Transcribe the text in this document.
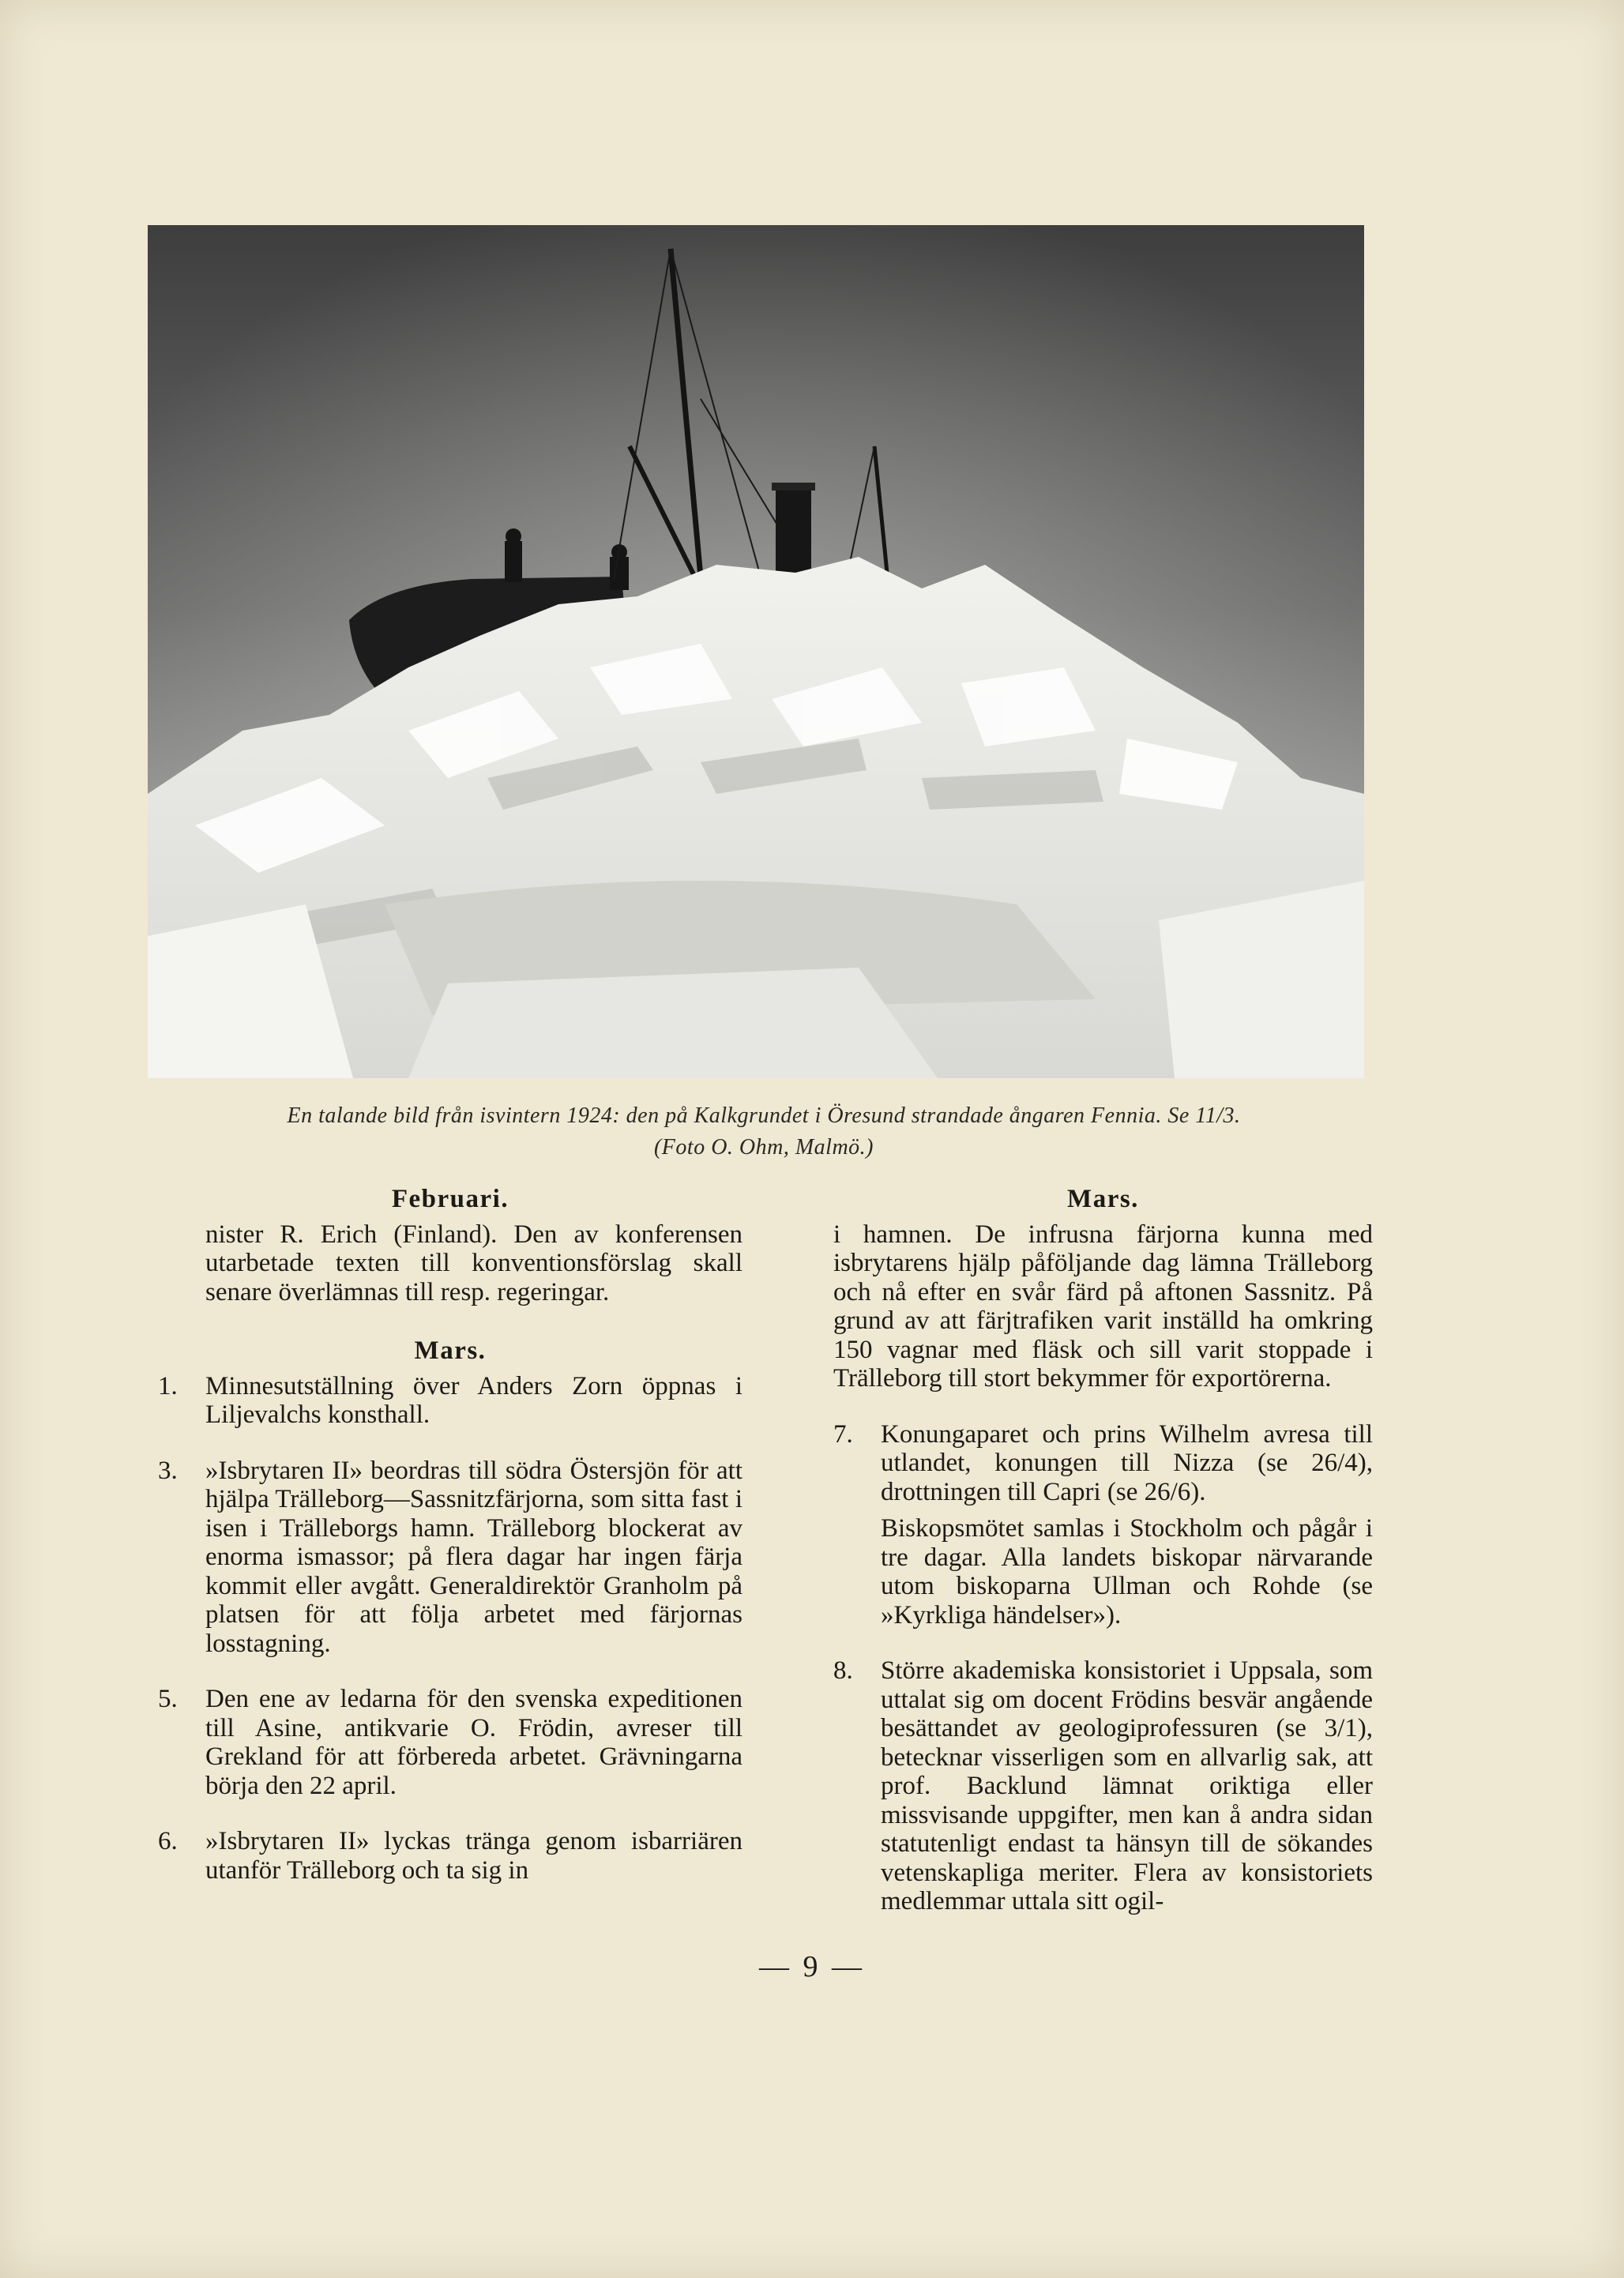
En talande bild från isvintern 1924: den på Kalkgrundet i Öresund strandade ångaren Fennia. Se 11/3.
(Foto O. Ohm, Malmö.)
Februari.
nister R. Erich (Finland). Den av konferensen utarbetade texten till konventionsförslag skall senare överlämnas till resp. regeringar.
Mars.
1.	Minnesutställning över Anders Zorn öppnas i Liljevalchs konsthall.
3.	»Isbrytaren II» beordras till södra Östersjön för att hjälpa Trälleborg—Sassnitzfärjorna, som sitta fast i isen i Trälleborgs hamn. Trälleborg blockerat av enorma ismassor; på flera dagar har ingen färja kommit eller avgått. Generaldirektör Granholm på platsen för att följa arbetet med färjornas losstagning.
5.	Den ene av ledarna för den svenska expeditionen till Asine, antikvarie O. Frödin, avreser till Grekland för att förbereda arbetet. Grävningarna börja den 22 april.
6.	»Isbrytaren II» lyckas tränga genom isbarriären utanför Trälleborg och ta sig in
Mars.
i hamnen. De infrusna färjorna kunna med isbrytarens hjälp påföljande dag lämna Trälleborg och nå efter en svår färd på aftonen Sassnitz. På grund av att färjtrafiken varit inställd ha omkring 150 vagnar med fläsk och sill varit stoppade i Trälleborg till stort bekymmer för exportörerna.
7.	Konungaparet och prins Wilhelm avresa till utlandet, konungen till Nizza (se 26/4), drottningen till Capri (se 26/6).
Biskopsmötet samlas i Stockholm och pågår i tre dagar. Alla landets biskopar närvarande utom biskoparna Ullman och Rohde (se »Kyrkliga händelser»).
8.	Större akademiska konsistoriet i Uppsala, som uttalat sig om docent Frödins besvär angående besättandet av geologiprofessuren (se 3/1), betecknar visserligen som en allvarlig sak, att prof. Backlund lämnat oriktiga eller missvisande uppgifter, men kan å andra sidan statutenligt endast ta hänsyn till de sökandes vetenskapliga meriter. Flera av konsistoriets medlemmar uttala sitt ogil-
— 9 —
